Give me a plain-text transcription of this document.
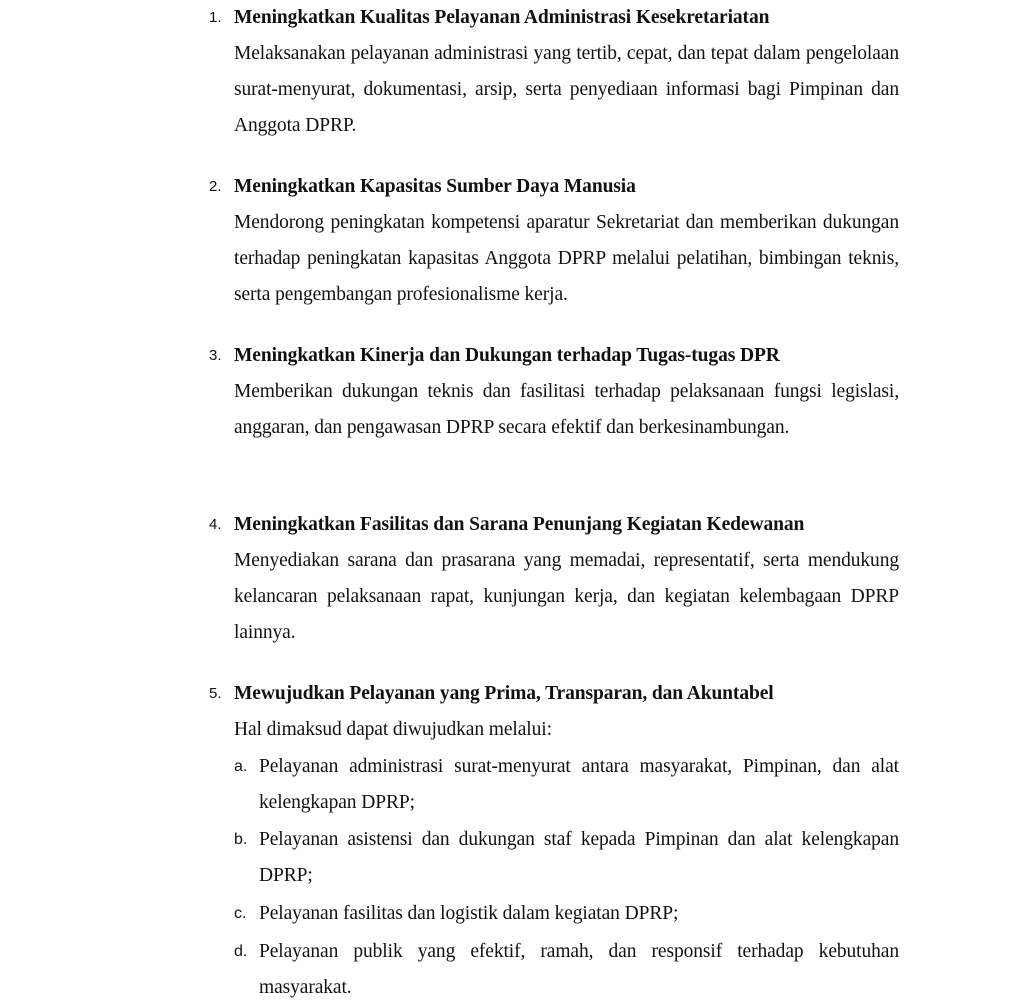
1. Meningkatkan Kualitas Pelayanan Administrasi Kesekretariatan
Melaksanakan pelayanan administrasi yang tertib, cepat, dan tepat dalam pengelolaan surat-menyurat, dokumentasi, arsip, serta penyediaan informasi bagi Pimpinan dan Anggota DPRP.
2. Meningkatkan Kapasitas Sumber Daya Manusia
Mendorong peningkatan kompetensi aparatur Sekretariat dan memberikan dukungan terhadap peningkatan kapasitas Anggota DPRP melalui pelatihan, bimbingan teknis, serta pengembangan profesionalisme kerja.
3. Meningkatkan Kinerja dan Dukungan terhadap Tugas-tugas DPR
Memberikan dukungan teknis dan fasilitasi terhadap pelaksanaan fungsi legislasi, anggaran, dan pengawasan DPRP secara efektif dan berkesinambungan.
4. Meningkatkan Fasilitas dan Sarana Penunjang Kegiatan Kedewanan
Menyediakan sarana dan prasarana yang memadai, representatif, serta mendukung kelancaran pelaksanaan rapat, kunjungan kerja, dan kegiatan kelembagaan DPRP lainnya.
5. Mewujudkan Pelayanan yang Prima, Transparan, dan Akuntabel
Hal dimaksud dapat diwujudkan melalui:
a. Pelayanan administrasi surat-menyurat antara masyarakat, Pimpinan, dan alat kelengkapan DPRP;
b. Pelayanan asistensi dan dukungan staf kepada Pimpinan dan alat kelengkapan DPRP;
c. Pelayanan fasilitas dan logistik dalam kegiatan DPRP;
d. Pelayanan publik yang efektif, ramah, dan responsif terhadap kebutuhan masyarakat.
